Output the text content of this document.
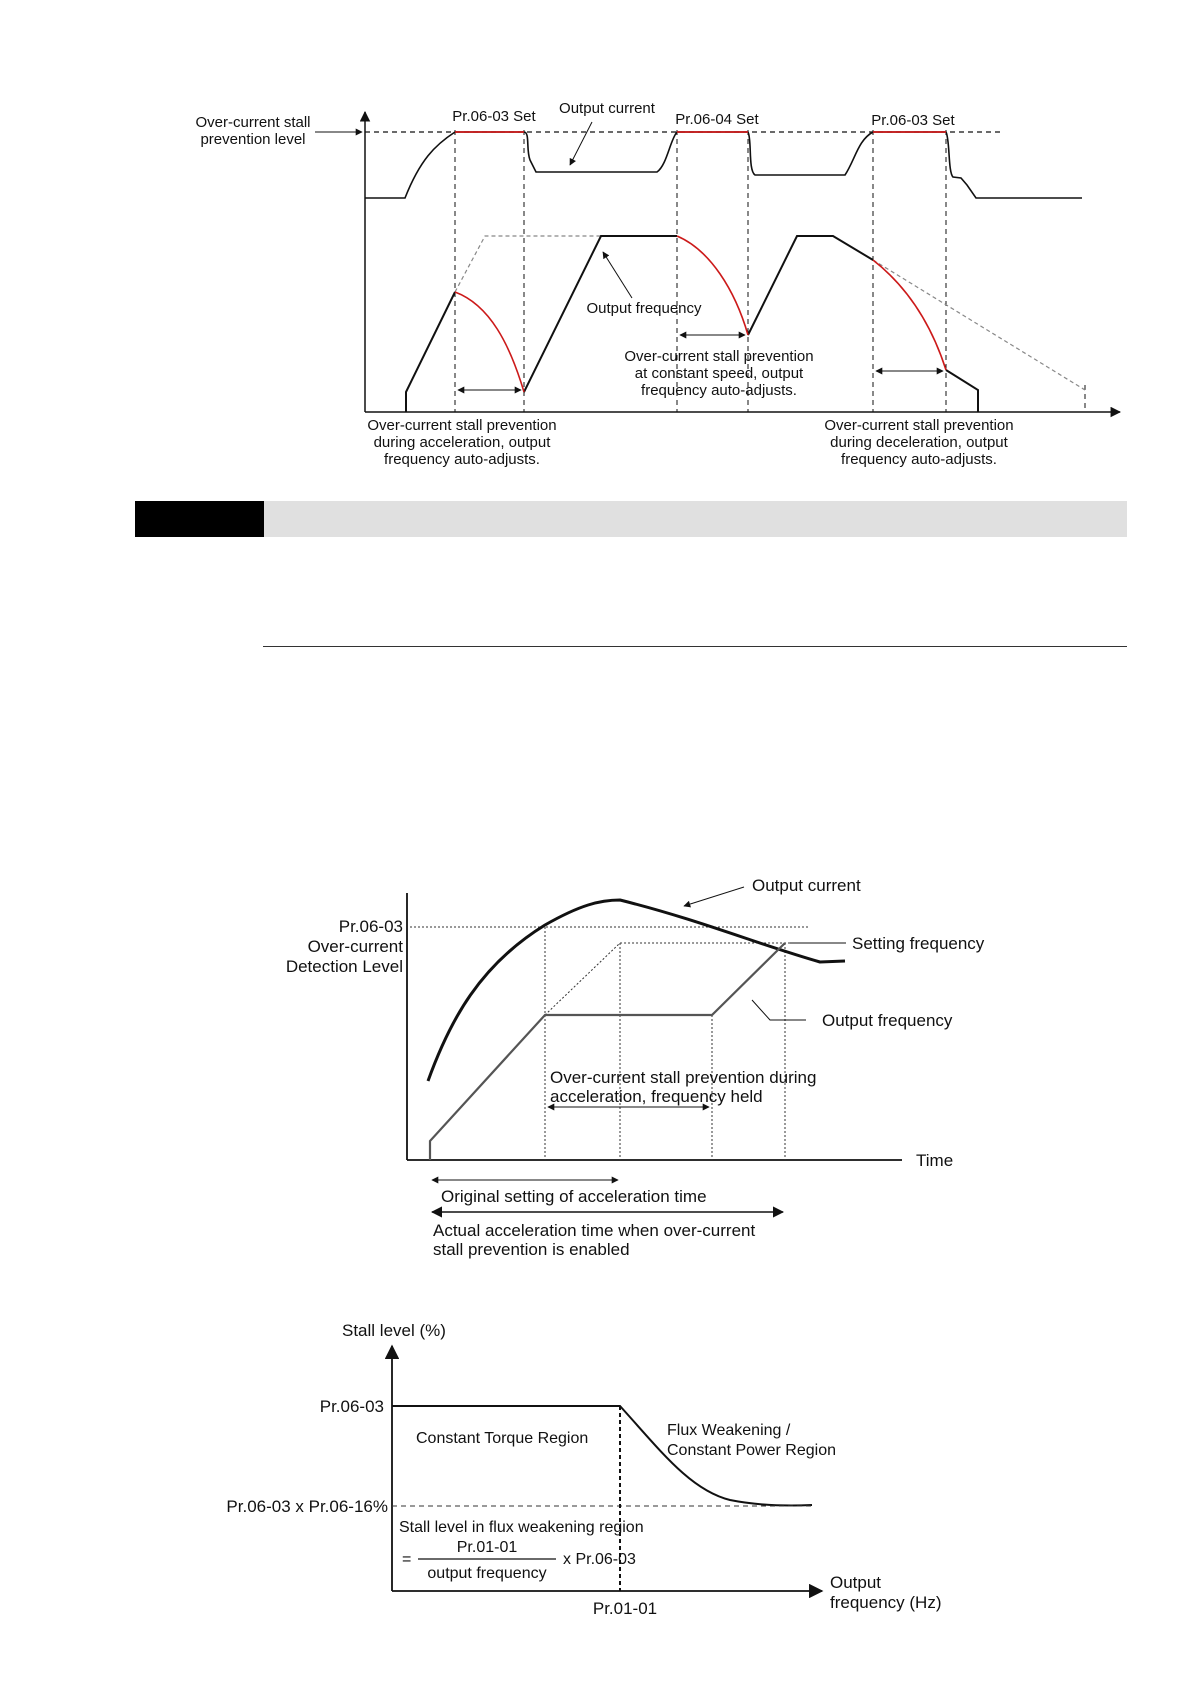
Over-current stall
prevention level
Pr.06-03 Set Output current
Pr.06-04 Set	Pr.06-03 Set
Output frequency
Over-current stall prevention
at constant speed, output
frequency auto-adjusts.
Over-current stall prevention
during acceleration, output
frequency auto-adjusts.
Over-current stall prevention
during deceleration, output
frequency auto-adjusts.
Pr.06-03
Over-current
Detection Level
Output current
Setting frequency
Output frequency
Over-current stall prevention during
acceleration, frequency held
Time
Original setting of acceleration time
Actual acceleration time when over-current
stall prevention is enabled
Stall level (%)
Pr.06-03
Pr.06-03 x Pr.06-16%
Constant Torque Region	Flux Weakening /
Constant Power Region
Stall level in flux weakening region
=
Pr.01-01
output frequency
x Pr.06-03
Pr.01-01
Output
frequency (Hz)
